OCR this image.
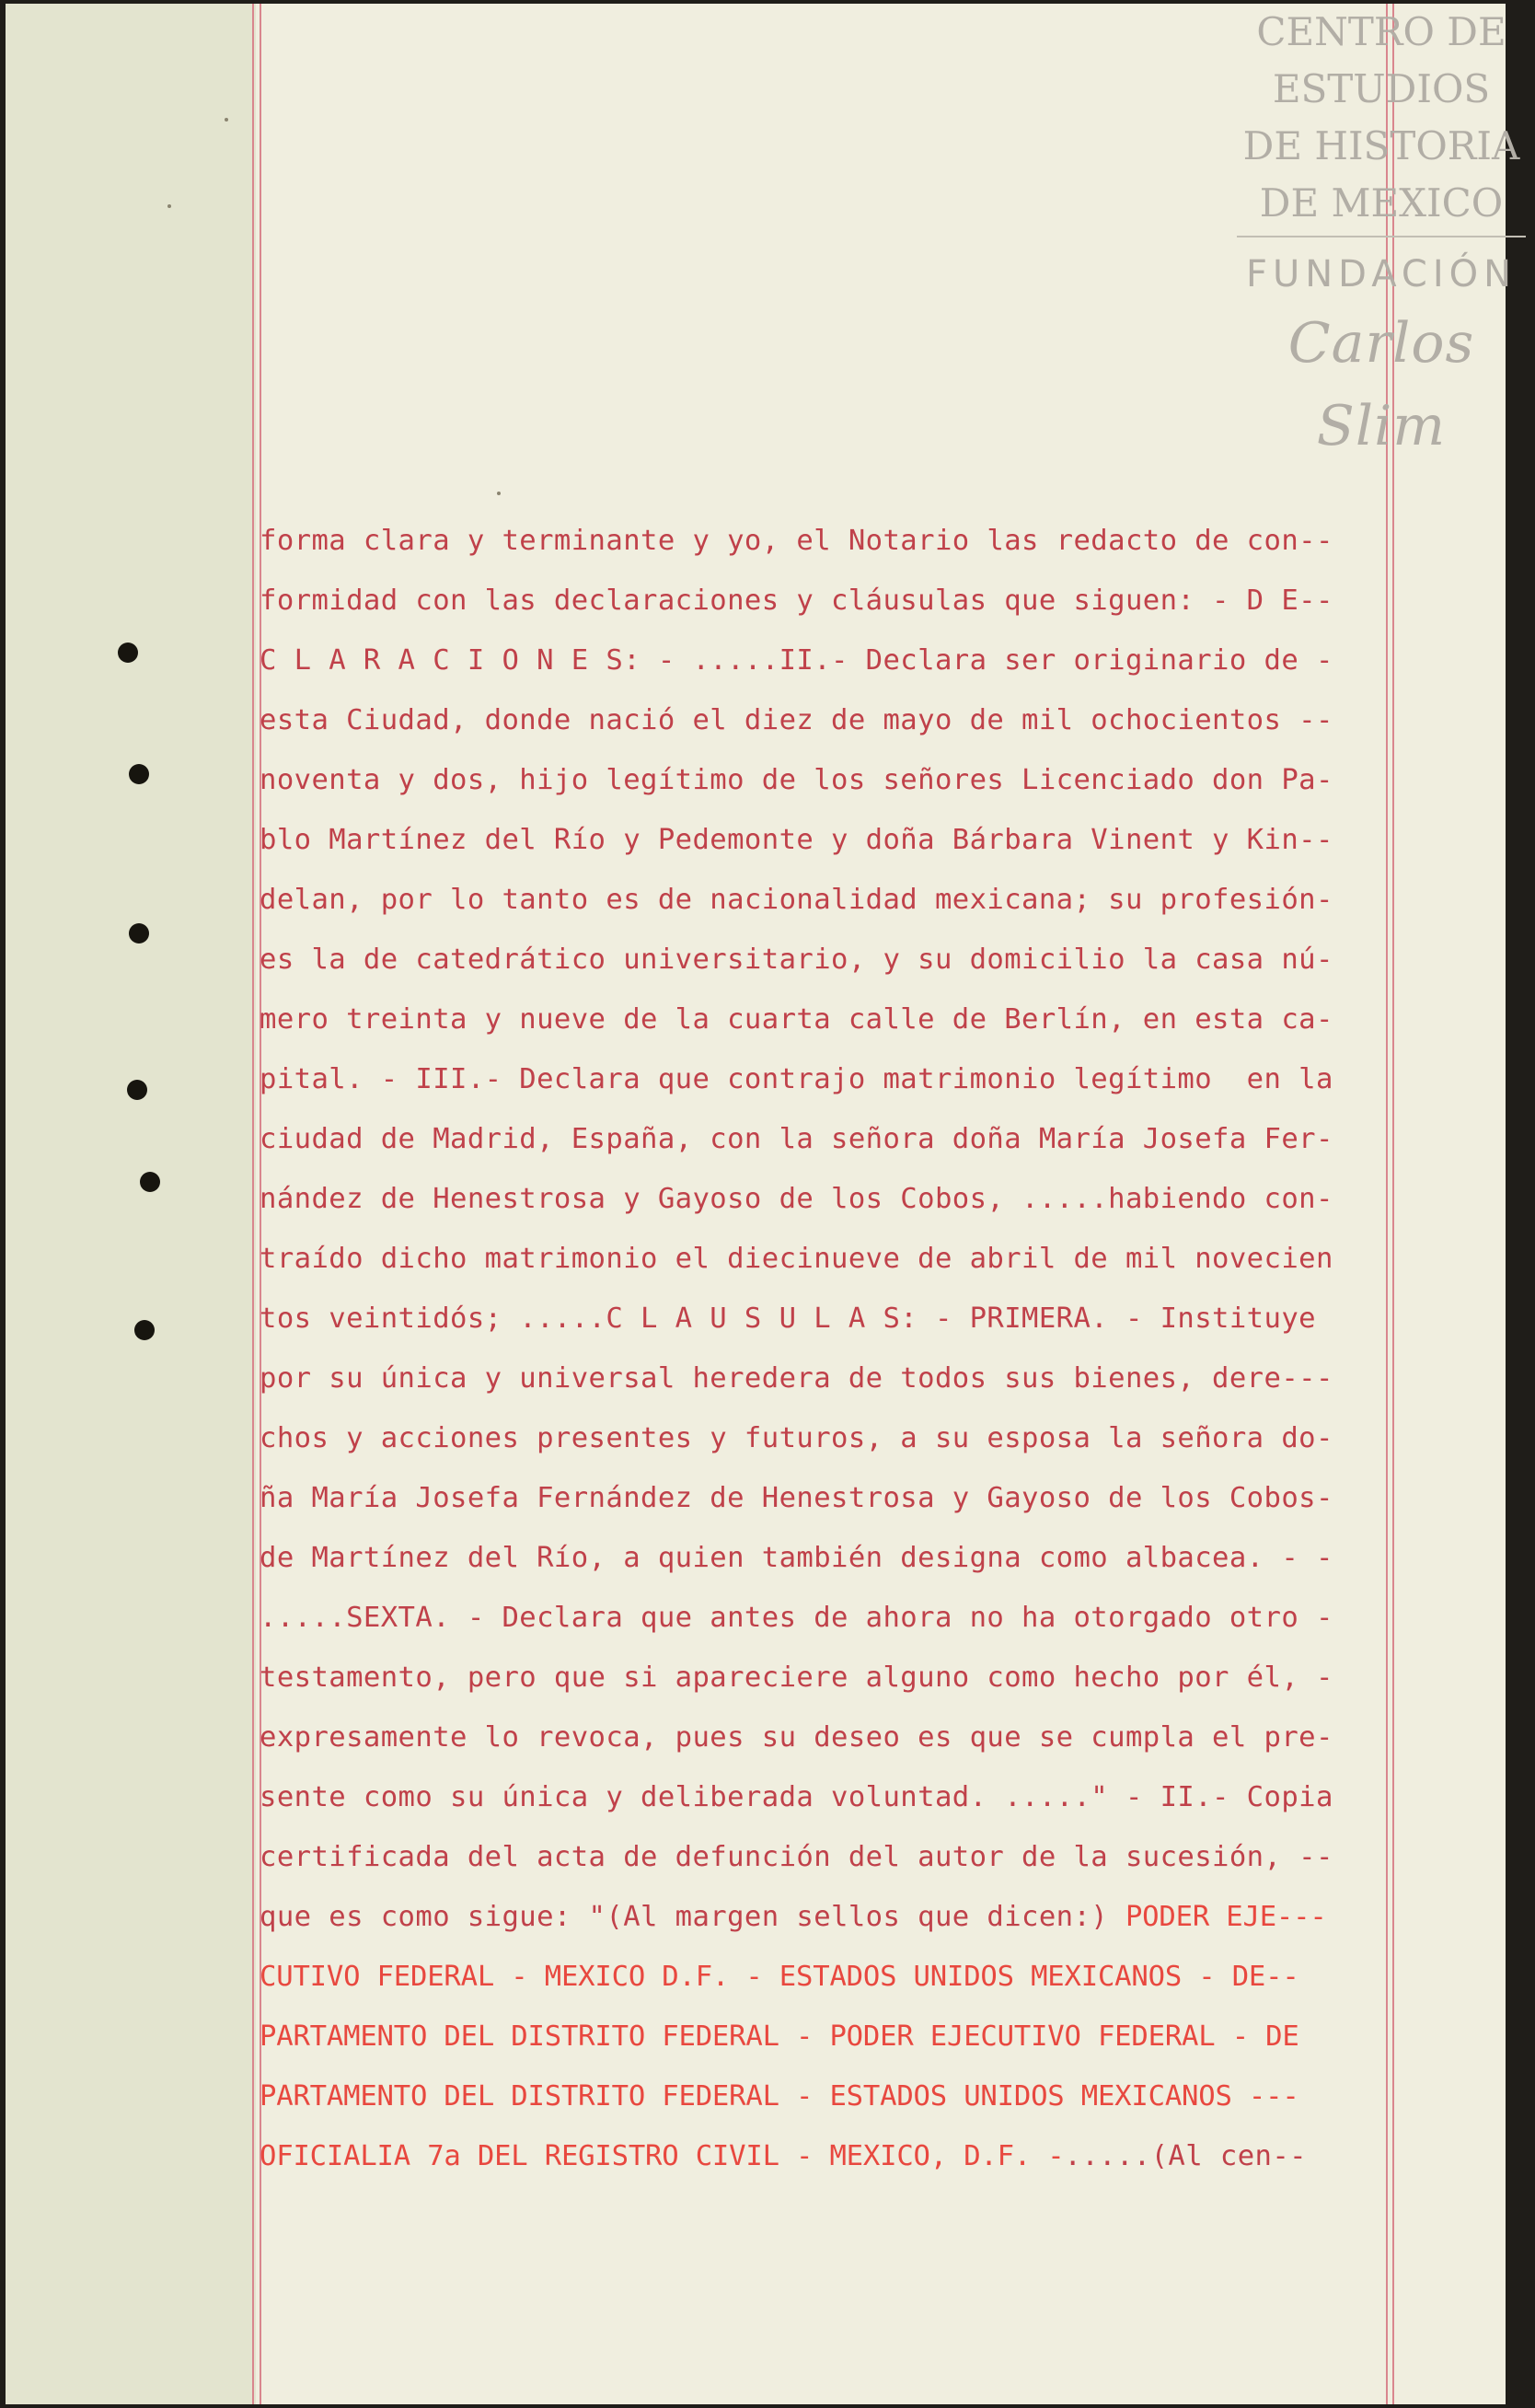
CENTRO DE
ESTUDIOS
DE HISTORIA
DE MEXICO
FUNDACIÓN
Carlos Slim
forma clara y terminante y yo, el Notario las redacto de con--
formidad con las declaraciones y cláusulas que siguen: - D E--
C L A R A C I O N E S: - .....II.- Declara ser originario de -
esta Ciudad, donde nació el diez de mayo de mil ochocientos --
noventa y dos, hijo legítimo de los señores Licenciado don Pa-
blo Martínez del Río y Pedemonte y doña Bárbara Vinent y Kin--
delan, por lo tanto es de nacionalidad mexicana; su profesión-
es la de catedrático universitario, y su domicilio la casa nú-
mero treinta y nueve de la cuarta calle de Berlín, en esta ca-
pital. - III.- Declara que contrajo matrimonio legítimo  en la
ciudad de Madrid, España, con la señora doña María Josefa Fer-
nández de Henestrosa y Gayoso de los Cobos, .....habiendo con-
traído dicho matrimonio el diecinueve de abril de mil novecien
tos veintidós; .....C L A U S U L A S: - PRIMERA. - Instituye
por su única y universal heredera de todos sus bienes, dere---
chos y acciones presentes y futuros, a su esposa la señora do-
ña María Josefa Fernández de Henestrosa y Gayoso de los Cobos-
de Martínez del Río, a quien también designa como albacea. - -
.....SEXTA. - Declara que antes de ahora no ha otorgado otro -
testamento, pero que si apareciere alguno como hecho por él, -
expresamente lo revoca, pues su deseo es que se cumpla el pre-
sente como su única y deliberada voluntad. ....." - II.- Copia
certificada del acta de defunción del autor de la sucesión, --
que es como sigue: "(Al margen sellos que dicen:) PODER EJE---
CUTIVO FEDERAL - MEXICO D.F. - ESTADOS UNIDOS MEXICANOS - DE--
PARTAMENTO DEL DISTRITO FEDERAL - PODER EJECUTIVO FEDERAL - DE
PARTAMENTO DEL DISTRITO FEDERAL - ESTADOS UNIDOS MEXICANOS ---
OFICIALIA 7a DEL REGISTRO CIVIL - MEXICO, D.F. -.....(Al cen--
